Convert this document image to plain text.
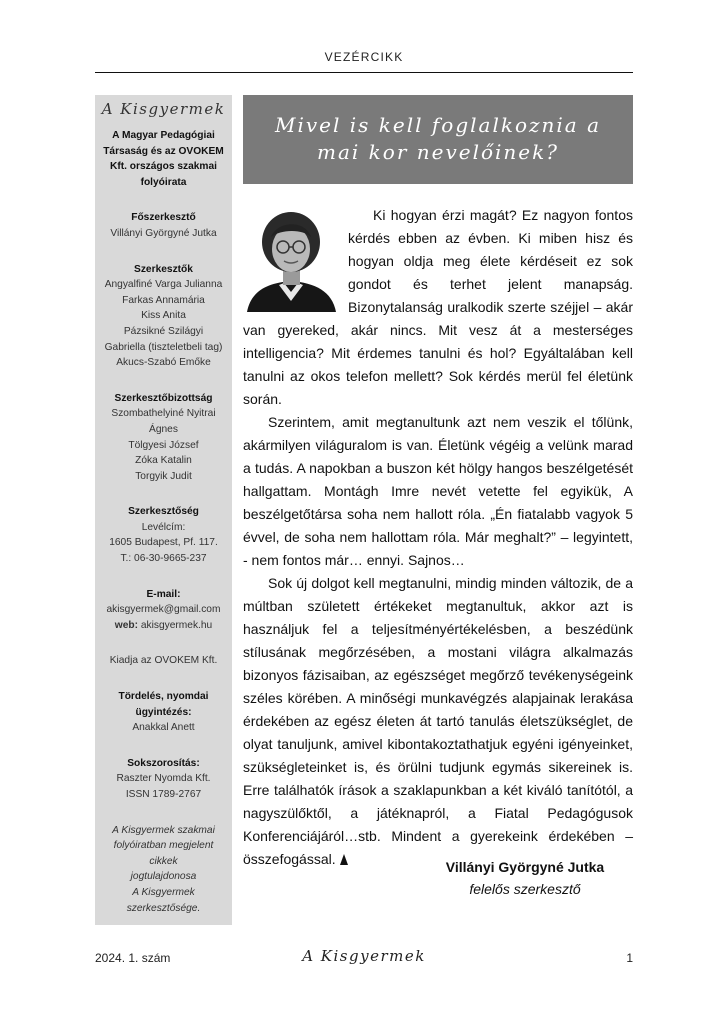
VEZÉRCIKK
A Kisgyermek
A Magyar Pedagógiai
Társaság és az OVOKEM
Kft. országos szakmai
folyóirata
Főszerkesztő
Villányi Györgyné Jutka
Szerkesztők
Angyalfiné Varga Julianna
Farkas Annamária
Kiss Anita
Pázsikné Szilágyi
Gabriella (tiszteletbeli tag)
Akucs-Szabó Emőke
Szerkesztőbizottság
Szombathelyiné Nyitrai
Ágnes
Tölgyesi József
Zóka Katalin
Torgyik Judit
Szerkesztőség
Levélcím:
1605 Budapest, Pf. 117.
T.: 06-30-9665-237
E-mail:
akisgyermek@gmail.com
web: akisgyermek.hu
Kiadja az OVOKEM Kft.
Tördelés, nyomdai
ügyintézés:
Anakkal Anett
Sokszorosítás:
Raszter Nyomda Kft.
ISSN 1789-2767
A Kisgyermek szakmai
folyóiratban megjelent
cikkek
jogtulajdonosa
A Kisgyermek
szerkesztősége.
Mivel is kell foglalkoznia a
mai kor nevelőinek?

Ki hogyan érzi magát? Ez nagyon fontos kérdés ebben az évben. Ki miben hisz és hogyan oldja meg élete kérdéseit ez sok gondot és terhet jelent manapság. Bizonytalanság uralkodik szerte széjjel – akár van gyereked, akár nincs. Mit vesz át a mesterséges intelligencia? Mit érdemes tanulni és hol? Egyáltalában kell tanulni az okos telefon mellett? Sok kérdés merül fel életünk során.

Szerintem, amit megtanultunk azt nem veszik el tőlünk, akármilyen világuralom is van. Életünk végéig a velünk marad a tudás. A napokban a buszon két hölgy hangos beszélgetését hallgattam. Montágh Imre nevét vetette fel egyikük, A beszélgetőtársa soha nem hallott róla. „Én fiatalabb vagyok 5 évvel, de soha nem hallottam róla. Már meghalt?” – legyintett, - nem fontos már… ennyi. Sajnos…

Sok új dolgot kell megtanulni, mindig minden változik, de a múltban született értékeket megtanultuk, akkor azt is használjuk fel a teljesítményértékelésben, a beszédünk stílusának megőrzésében, a mostani világra alkalmazás bizonyos fázisaiban, az egészséget megőrző tevékenységeink széles körében. A minőségi munkavégzés alapjainak lerakása érdekében az egész életen át tartó tanulás életszükséglet, de olyat tanuljunk, amivel kibontakoztathatjuk egyéni igényeinket, szükségleteinket is, és örülni tudjunk egymás sikereinek is. Erre találhatók írások a szaklapunkban a két kiváló tanítótól, a nagyszülőktől, a játéknapról, a Fiatal Pedagógusok Konferenciájáról…stb. Mindent a gyerekeink érdekében – összefogással.	Villányi Györgyné Jutka
felelős szerkesztő
2024. 1. szám	A Kisgyermek	1
